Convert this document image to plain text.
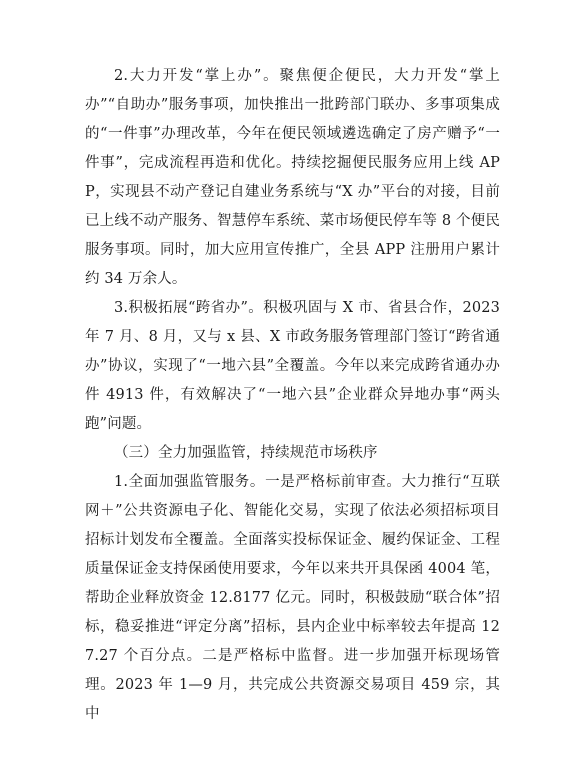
2.大力开发“掌上办”。聚焦便企便民，大力开发“掌上办”“自助办”服务事项，加快推出一批跨部门联办、多事项集成的“一件事”办理改革，今年在便民领域遴选确定了房产赠予“一件事”，完成流程再造和优化。持续挖掘便民服务应用上线 APP，实现县不动产登记自建业务系统与“X 办”平台的对接，目前已上线不动产服务、智慧停车系统、菜市场便民停车等 8 个便民服务事项。同时，加大应用宣传推广，全县 APP 注册用户累计约 34 万余人。

3.积极拓展“跨省办”。积极巩固与 X 市、省县合作，2023 年 7 月、8 月，又与 x 县、X 市政务服务管理部门签订“跨省通办”协议，实现了“一地六县”全覆盖。今年以来完成跨省通办办件 4913 件，有效解决了“一地六县”企业群众异地办事“两头跑”问题。

（三）全力加强监管，持续规范市场秩序

1.全面加强监管服务。一是严格标前审查。大力推行“互联网＋”公共资源电子化、智能化交易，实现了依法必须招标项目招标计划发布全覆盖。全面落实投标保证金、履约保证金、工程质量保证金支持保函使用要求，今年以来共开具保函 4004 笔，帮助企业释放资金 12.8177 亿元。同时，积极鼓励“联合体”招标，稳妥推进“评定分离”招标，县内企业中标率较去年提高 127.27 个百分点。二是严格标中监督。进一步加强开标现场管理。2023 年 1—9 月，共完成公共资源交易项目 459 宗，其中
